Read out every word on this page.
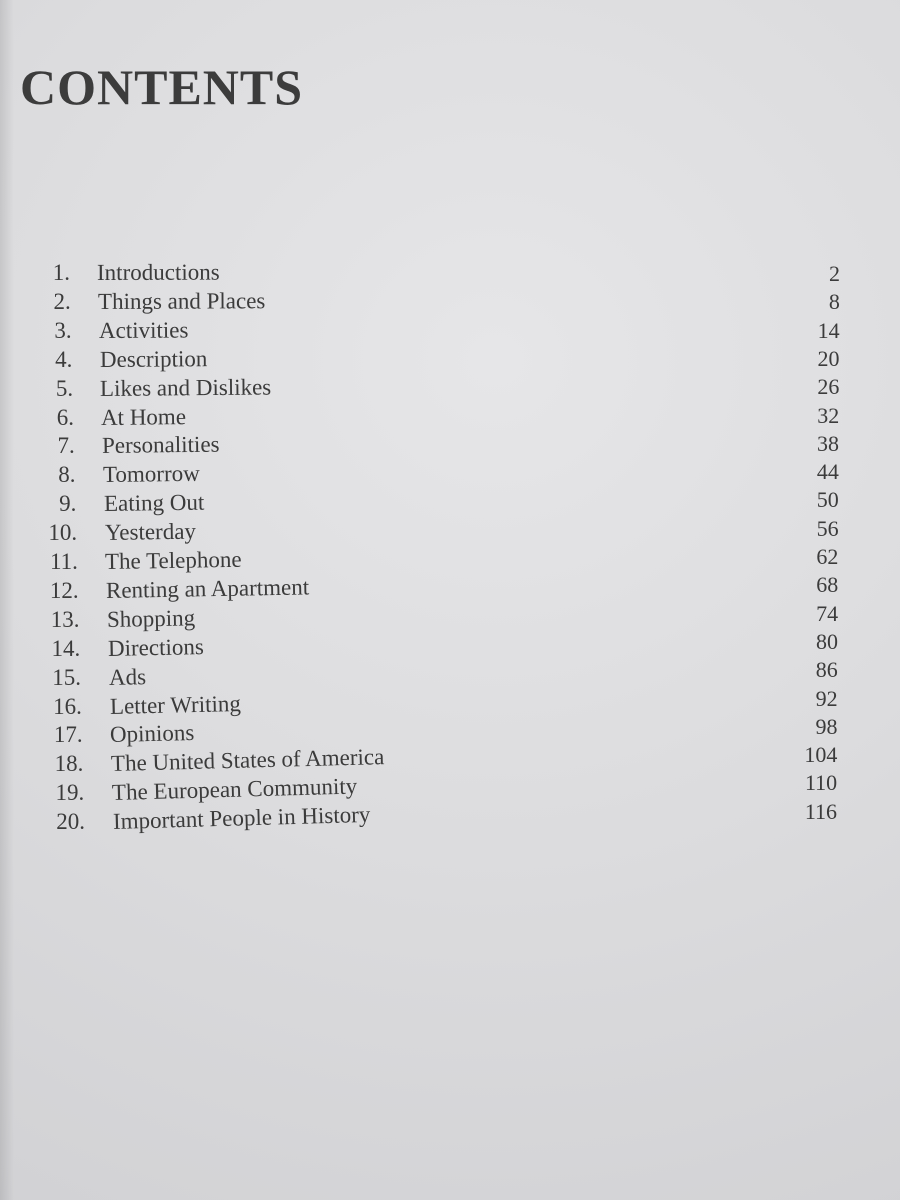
CONTENTS
1. Introductions	2
2. Things and Places	8
3. Activities	14
4. Description	20
5. Likes and Dislikes	26
6. At Home	32
7. Personalities	38
8. Tomorrow	44
9. Eating Out	50
10. Yesterday	56
11. The Telephone	62
12. Renting an Apartment	68
13. Shopping	74
14. Directions	80
15. Ads	86
16. Letter Writing	92
17. Opinions	98
18. The United States of America	104
19. The European Community	110
20. Important People in History	116
